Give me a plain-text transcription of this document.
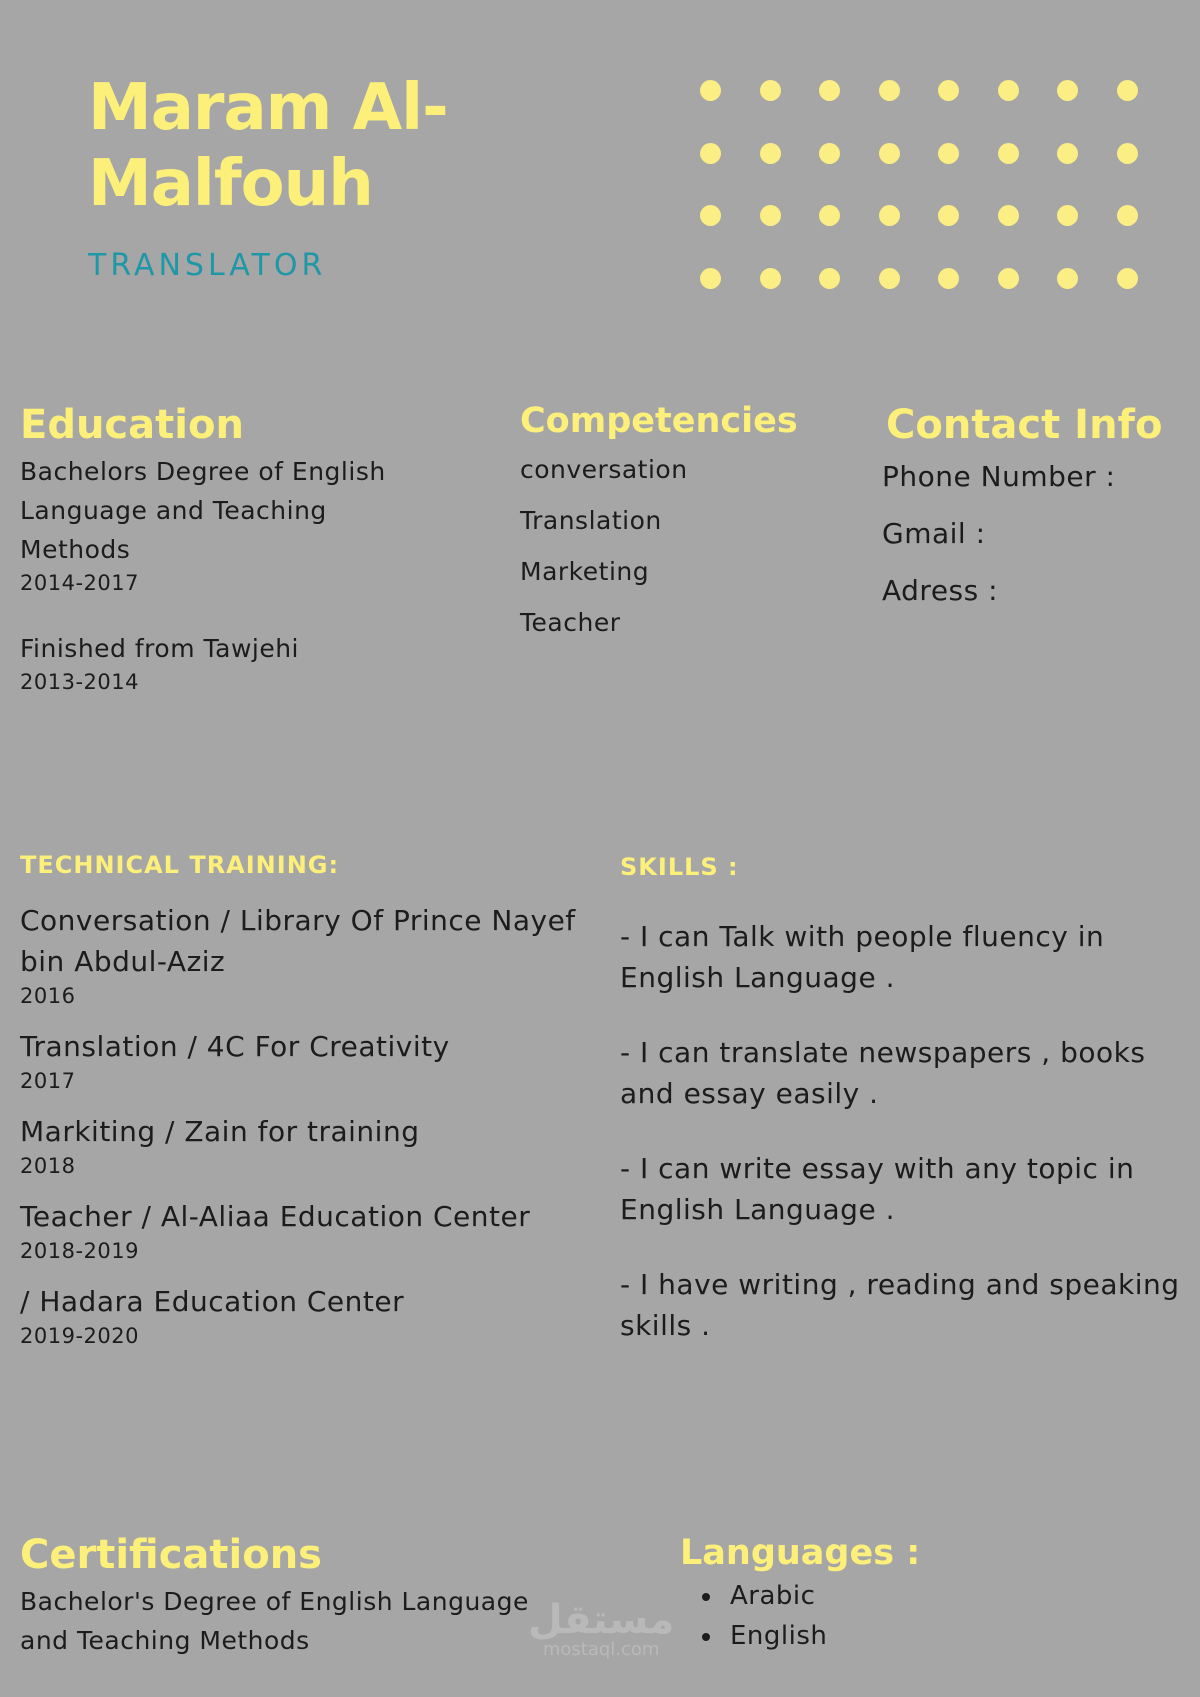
Maram Al-Malfouh
TRANSLATOR
Education

Bachelors Degree of English Language and Teaching Methods

2014-2017

Finished from Tawjehi

2013-2014

Competencies

conversation

Translation

Marketing

Teacher

Contact Info

Phone Number :

Gmail :

Adress :

TECHNICAL TRAINING:

Conversation / Library Of Prince Nayef bin Abdul-Aziz

2016

Translation / 4C For Creativity

2017

Markiting / Zain for training

2018

Teacher / Al-Aliaa Education Center

2018-2019

/ Hadara Education Center

2019-2020

SKILLS :

- I can Talk with people fluency in English Language .

- I can translate newspapers , books and essay easily .

- I can write essay with any topic in English Language .

- I have writing , reading and speaking skills .

Certifications

Bachelor's Degree of English Language and Teaching Methods

Languages :
• Arabic
• English
مستقل
mostaql.com
